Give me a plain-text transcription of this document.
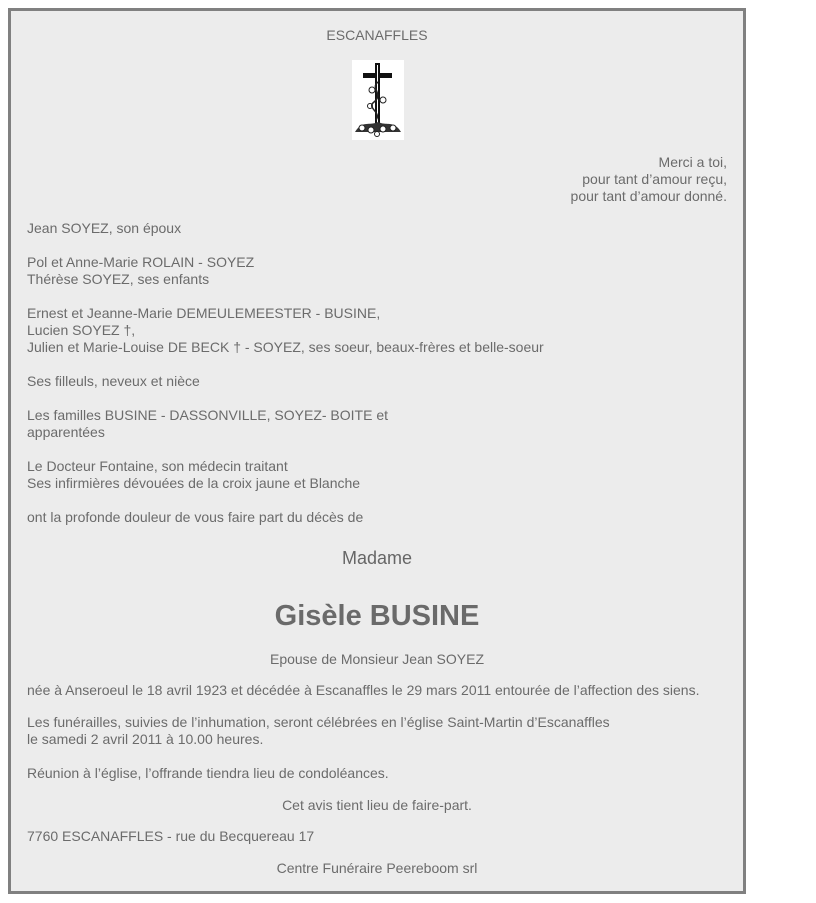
ESCANAFFLES
Merci a toi,
pour tant d’amour reçu,
pour tant d’amour donné.
Jean SOYEZ, son époux
Pol et Anne-Marie ROLAIN - SOYEZ
Thérèse SOYEZ, ses enfants
Ernest et Jeanne-Marie DEMEULEMEESTER - BUSINE,
Lucien SOYEZ †,
Julien et Marie-Louise DE BECK † - SOYEZ, ses soeur, beaux-frères et belle-soeur
Ses filleuls, neveux et nièce
Les familles BUSINE - DASSONVILLE, SOYEZ- BOITE et
apparentées
Le Docteur Fontaine, son médecin traitant
Ses infirmières dévouées de la croix jaune et Blanche
ont la profonde douleur de vous faire part du décès de
Madame
Gisèle BUSINE
Epouse de Monsieur Jean SOYEZ
née à Anseroeul le 18 avril 1923 et décédée à Escanaffles le 29 mars 2011 entourée de l’affection des siens.
Les funérailles, suivies de l’inhumation, seront célébrées en l’église Saint-Martin d’Escanaffles
le samedi 2 avril 2011 à 10.00 heures.
Réunion à l’église, l’offrande tiendra lieu de condoléances.
Cet avis tient lieu de faire-part.
7760 ESCANAFFLES - rue du Becquereau 17
Centre Funéraire Peereboom srl
